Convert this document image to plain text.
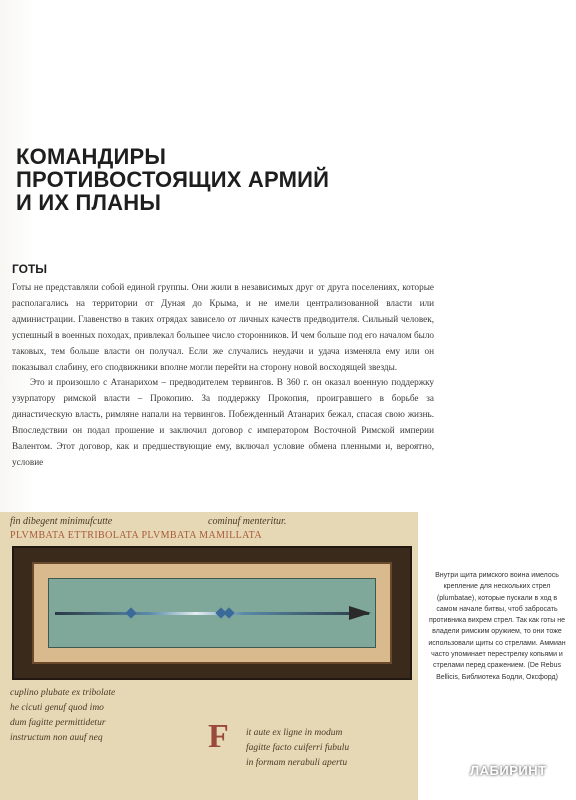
КОМАНДИРЫ
ПРОТИВОСТОЯЩИХ АРМИЙ
И ИХ ПЛАНЫ
ГОТЫ

Готы не представляли собой единой группы. Они жили в независимых друг от друга поселениях, которые располагались на территории от Дуная до Крыма, и не имели централизованной власти или администрации. Главенство в таких отрядах зависело от личных качеств предводителя. Сильный человек, успешный в военных походах, привлекал большее число сторонников. И чем больше под его началом было таковых, тем больше власти он получал. Если же случались неудачи и удача изменяла ему или он показывал слабину, его сподвижники вполне могли перейти на сторону новой восходящей звезды.

Это и произошло с Атанарихом – предводителем тервингов. В 360 г. он оказал военную поддержку узурпатору римской власти – Прокопию. За поддержку Прокопия, проигравшего в борьбе за династическую власть, римляне напали на тервингов. Побежденный Атанарих бежал, спасая свою жизнь. Впоследствии он подал прошение и заключил договор с императором Восточной Римской империи Валентом. Этот договор, как и предшествующие ему, включал условие обмена пленными и, вероятно, условие

fin dibegent minimufcutte	cominuf menteritur.
PLVMBATA ETTRIBOLATA PLVMBATA MAMILLATA
cuplino plubate ex tribolate
he cicuti genuf quod imo
dum fagitte permittidetur
instructum non auuf neq	F it aute ex ligne in modum
fagitte facto cuiferri fubulu
in formam nerabuli apertu
Внутри щита римского воина имелось крепление для нескольких стрел (plumbatae), которые пускали в ход в самом начале битвы, чтоб забросать противника вихрем стрел. Так как готы не владели римским оружием, то они тоже использовали щиты со стрелами. Аммиан часто упоминает перестрелку копьями и стрелами перед сражением. (De Rebus Bellicis, Библиотека Бодли, Оксфорд)
ЛАБИРИНТ
